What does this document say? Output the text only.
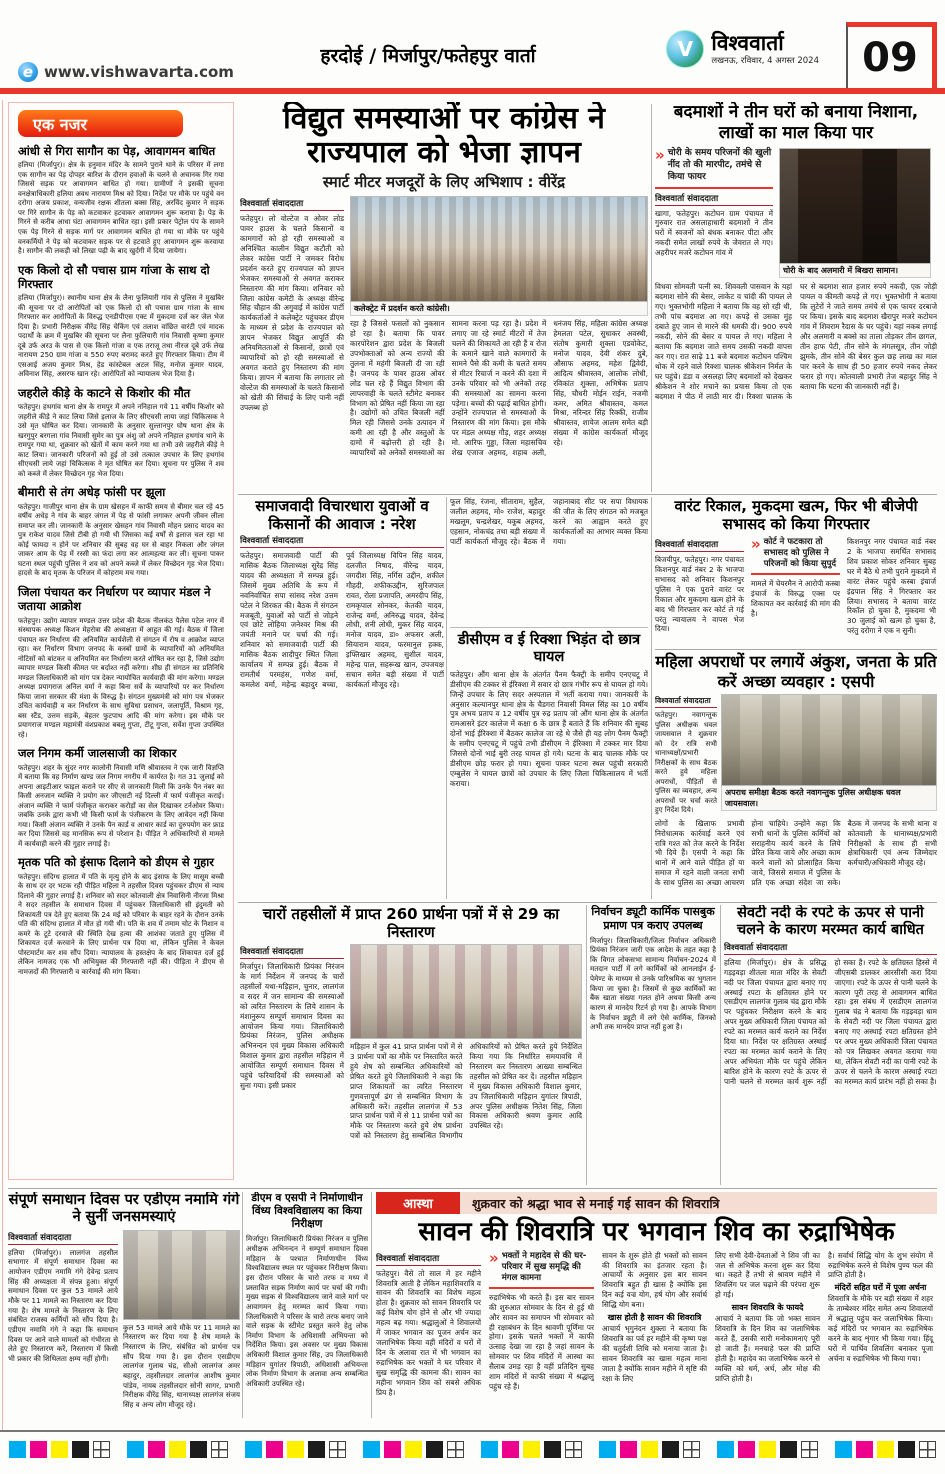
e www.vishwavarta.com
हरदोई / मिर्जापुर/फतेहपुर वार्ता	V विश्ववार्ता
लखनऊ, रविवार, 4 अगस्त 2024	09
एक नजर
आंधी से गिरा सागौन का पेड़, आवागमन बाधित
हलिया (मिर्जापुर)। क्षेत्र के हनुमान मंदिर के सामने पुराने थाने के परिसर में लगा एक सागौन का पेड़ दोपहर बारिश के दौरान हवाओं के चलने से अचानक गिर गया जिससे सड़क पर आवागमन बाधित हो गया। ग्रामीणों ने इसकी सूचना वनक्षेत्राधिकारी हलिया अवध नारायण मिश्र को दिया। निर्देश पर मौके पर पहुंचे वन दरोगा अजय प्रकाश, वन्यजीव रक्षक शीतला बक्स सिंह, अरविंद कुमार ने सड़क पर गिरे सागौन के पेड़ को कटवाकर हटवाकर आवागमन शुरू कराया है। पेड़ के गिरने से करीब आधा घंटा आवागमन बाधित रहा। इसी प्रकार पेट्रोल पंप के सामने एक पेड़ गिरने से सड़क मार्ग पर आवागमन बाधित हो गया था मौके पर पहुंचे वनकर्मियों ने पेड़ को कटवाकर सड़क पर से हटवाते हुए आवागमन शुरू करवाया है। सागौन की लकड़ी को लिखा पढ़ी के बाद खुर्दगी में दिया जायेगा।
एक किलो दो सौ पचास ग्राम गांजा के साथ दो गिरफ्तार
हलिया (मिर्जापुर)। स्थानीय थाना क्षेत्र के लैना फुलियारी गांव से पुलिस ने मुखबिर की सूचना पर दो आरोपितों को एक किलो दो सौ पचास ग्राम गांजा के साथ गिरफ्तार कर आरोपितों के विरुद्ध एनडीपीएस एक्ट में मुकदमा दर्ज कर जेल भेज दिया है। प्रभारी निरीक्षक वीरेंद्र सिंह चेकिंग एवं तलाश वांछित वारंटी एवं मादक पदार्थों के क्रम में मुखबिर की सूचना पर लैना फुलियारी गांव निवासी कृष्णा कुमार दूबे उर्फ अरउ के पास से एक किलो गांजा व एक तराजू तथा नीरज दूबे उर्फ लेख नारायण 250 ग्राम गांजा व 550 रुपए बरामद करते हुए गिरफ्तार किया। टीम में एसआई अजय कुमार मिश्र, हेड कांस्टेबल अटल सिंह, मनोज कुमार यादव, अविनाश सिंह, असरफ खान रहे। आरोपितों को न्यायालय भेज दिया है।
जहरीले कीड़े के काटने से किशोर की मौत
फतेहपुर। हथगांव थाना क्षेत्र के रामपुर में अपने ननिहाल गये 11 वर्षीय किशोर को जहरीले कीड़े ने काट लिया जिसे इलाज के लिए सीएचसी लाया जहां चिकित्सक ने उसे मृत घोषित कर दिया। जानकारी के अनुसार सुल्तानपुर घोष थाना क्षेत्र के खरगुपुर बरगला गांव निवासी सुमेर का पुत्र अंशु जो अपने ननिहाल हथगांव थाने के रामपुर गया था, शुक्रवार को खेतों में काम करने गया था तभी उसे जहरीले कीड़े ने काट लिया। जानकारी परिजनों को हुई तो उसे तत्काल उपचार के लिए हथगांव सीएचसी लाये जहां चिकित्सक ने मृत घोषित कर दिया। सूचना पर पुलिस ने शव को कब्जे में लेकर विच्छेदन गृह भेज दिया।
बीमारी से तंग अधेड़ फांसी पर झूला
फतेहपुर। गाजीपुर थाना क्षेत्र के ग्राम खेसहन में काफी समय से बीमार चल रहे 45 वर्षीय अधेड़ ने गांव के बाहर जंगल में पेड़ से फांसी लगाकर अपनी जीवन लीला समाप्त कर ली। जानकारी के अनुसार खेसहन गांव निवासी मोहन प्रसाद यादव का पुत्र राकेश यादव जिसे टीबी हो गयी थी जिसका कई वर्षों से इलाज चल रहा था कोई फायदा न होने पर शनिवार की सुबह वह घर से बाहर निकला और जंगल जाकर आम के पेड़ में रस्सी का फंदा लगा कर आत्महत्या कर ली। सूचना पाकर घटना स्थल पहुंची पुलिस ने शव को अपने कब्जे में लेकर विच्छेदन गृह भेज दिया। हादसे के बाद मृतक के परिजन में कोहराम मच गया।
जिला पंचायत कर निर्धारण पर व्यापार मंडल ने जताया आक्रोश
फतेहपुर। उद्योग व्यापार मण्डल उत्तर प्रदेश की बैठक नीलकंठ पैलेस पटेल नगर में संस्थापक अध्यक्ष किशन मेहरोत्रा की अध्यक्षता में आहूत की गई। बैठक में जिला पंचायत कर निर्धारण की अनियमित कार्यशैली से संगठन में रोष व आक्रोश व्याप्त रहा। कर निर्धारण विभाग जनपद के कस्बों ग्रामों के व्यापारियों को अनियमित नोटिसों को बांटकर व अनियमित कर निर्धारण करते शोषित कर रहा है, जिसे उद्योग व्यापार मण्डल किसी कीमत पर बर्दाश्त नहीं करेगा। शीघ्र ही संगठन का प्रतिनिधि मण्डल जिलाधिकारी को मांग पत्र देकर न्यायोचित कार्यवाही की मांग करेगा। मण्डल अध्यक्ष प्रयागराज अनिल वर्मा ने कहा बिना सर्वे के व्यापारियों पर कर निर्धारण किया जाना सरकार की मंशा के विरुद्ध है। संगठन मुख्यमंत्री को मांग पत्र भेजकर उचित कार्यवाही व कर निर्धारण के साथ सुविधा प्रसाधन, जलापूर्ति, विश्राम गृह, बस स्टैंड, उत्तम सड़कें, बेहतर फुटपाथ आदि की मांग करेगा। इस मौके पर प्रयागराज मण्डल महामंत्री वंशप्रकाश बबलू गुप्ता, टीटू गुप्ता, सर्वेश गुप्ता उपस्थित रहे।
जल निगम कर्मी जालसाजी का शिकार
फतेहपुर। शहर के सुंदर नगर कालोनी निवासी मणि श्रीवास्तव ने एक जारी विज्ञप्ति में बताया कि वह निर्माण खण्ड जल निगम नगरीय में कार्यरत है। गत 31 जुलाई को अपना आइटीआर फाइल कराने पर सीए से जानकारी मिली कि उनके पैन नंबर का किसी अनजान व्यक्ति ने प्रयोग कर जीएसटी नई दिल्ली में फार्म पंजीकृत कराई। अंजान व्यक्ति ने फार्म पंजीकृत कराकर करोड़ों का सेल दिखाकर टर्नओवर किया। जबकि उनके द्वारा कभी भी किसी फार्म के पंजीकरण के लिए आवेदन नहीं किया गया। किसी अंजान व्यक्ति ने उनके पैन कार्ड व आधार कार्ड का दुरुपयोग कर फ्राड कर दिया जिससे वह मानसिक रूप से परेशान है। पीड़ित ने अधिकारियों से मामले में कार्यवाही करने की गुहार लगाई है।
मृतक पति को इंसाफ दिलाने को डीएम से गुहार
फतेहपुर। संदिग्ध हालात में पति के मृत्यु होने के बाद इंसाफ के लिए मासूम बच्ची के साथ दर दर भटक रही पीड़ित महिला ने तहसील दिवस पहुंचकर डीएम से न्याय दिलाने की गुहार लगाई है। शनिवार को सदर कोतवाली क्षेत्र निवासिनी नीरजा मिश्रा ने सदर तहसील के समाधान दिवस में पहुंचकर जिलाधिकारी सी इंदुमती को शिकायती पत्र देते हुए बताया कि 24 मई को परिवार के बाहर रहने के दौरान उनके पति की संदिग्ध हालात में मौत हो गयी थी। पति के शव में तमाम चोट के निशान व कमरे के टूटे दरवाजे की स्थिति देख हत्या की आशंका जताते हुए पुलिस में शिकायत दर्ज करवाने के लिए प्रार्थना पत्र दिया था, लेकिन पुलिस ने केवल पोस्टमार्टम कर शव सौंप दिया। न्यायालय के हस्तक्षेप के बाद शिकायत दर्ज हुई लेकिन नामजद एक भी अभियुक्त की गिरफ्तारी नहीं की। पीड़िता ने डीएम से नामजदों की गिरफ्तारी व कार्रवाई की मांग किया।
विद्युत समस्याओं पर कांग्रेस ने राज्यपाल को भेजा ज्ञापन
स्मार्ट मीटर मजदूरों के लिए अभिशाप : वीरेंद्र
विश्ववार्ता संवाददाता
फतेहपुर। लो वोल्टेज व ओवर लोड पावर हाउस के चलते किसानों व कामगारों को हो रही समस्याओं व अनिश्चित कालीन विद्युत कटौती को लेकर कांग्रेस पार्टी ने जमकर विरोध प्रदर्शन करते हुए राज्यपाल को ज्ञापन भेजकर समस्याओं से अवगत कराकर निस्तारण की मांग किया। शनिवार को जिला कांग्रेस कमेटी के अध्यक्ष वीरेन्द्र सिंह चौहान की अगुवाई में कांग्रेस पार्टी कार्यकर्ताओं ने कलेक्ट्रेट पहुंचकर डीएम के माध्यम से प्रदेश के राज्यपाल को ज्ञापन भेजकर विद्युत आपूर्ति की अनियमितताओं से किसानों, छात्रों एवं व्यापारियों को हो रही समस्याओं से अवगत कराते हुए निस्तारण की मांग किया। ज्ञापन में बताया कि लगातार लो वोल्टेज की समस्याओं के चलते किसानों को खेती की सिंचाई के लिए पानी नहीं उपलब्ध हो
कलेक्ट्रेट में प्रदर्शन करते कांग्रेसी।
रहा है जिससे फसलों को नुकसान हो रहा है। बताया कि पावर कारपोरेशन द्वारा प्रदेश के बिजली उपभोक्ताओं को अन्य राज्यों की तुलना में महंगी बिजली दी जा रही है। जनपद के पावर हाउस ओवर लोड चल रहे हैं विद्युत विभाग की लापरवाही के चलते स्टीमेट बनाकर विभाग को प्रेषित नहीं किया जा रहा है। उद्योगों को उचित बिजली नहीं मिल रही जिससे उनके उत्पादन में कमी आ रही है और वस्तुओं के दामों में बढ़ोत्तरी हो रही है। व्यापारियों को अनेकों समस्याओं का सामना करना पड़ रहा है। प्रदेश में लगाए जा रहे स्मार्ट मीटरों में तेज चलने की शिकायतें आ रही हैं व रोज के कमाने खाने वाले कामगारों के सामने पैसे की कमी के चलते समय से मीटर रिचार्ज न करने की दशा में उनके परिवार को भी अनेकों तरह की समस्याओं का सामना करना पड़ेगा। बच्चों की पढ़ाई बाधित होगी। उन्होंने राज्यपाल से समस्याओं के निस्तारण की मांग किया। इस मौके पर मंडल अध्यक्ष गौड़, शहर अध्यक्ष मो. आरिफ गुड्डा, जिला महासचिव शेख एजाज अहमद, शहाब अली, धनंजय सिंह, महिला कांग्रेस अध्यक्ष हेमलता पटेल, सुधाकर अवस्थी, संतोष कुमारी शुक्ला एडवोकेट, मनोज यादव, देवी शंकर दुबे, औसाफ अहमद, महेश द्विवेदी, आदित्य श्रीवास्तव, आलोक लोधी, रविकांत शुक्ला, अभिषेक प्रताप सिंह, चौधरी मोईन राईन, नजमी कमर, अमित श्रीवास्तव, कमल मिश्रा, नरिन्दर सिंह रिक्की, राजीव श्रीवास्तव, शायेज आलम समेत बड़ी संख्या में कांग्रेस कार्यकर्ता मौजूद रहे।
बदमाशों ने तीन घरों को बनाया निशाना, लाखों का माल किया पार
» चोरी के समय परिजनों की खुली नींद तो की मारपीट, तमंचे से किया फायर
विश्ववार्ता संवाददाता
खागा, फतेहपुर। कटोघन ग्राम पंचायत में गुरुवार रात असलाहाधारी बदमाशों ने तीन घरों में स्वजनों को बंधक बनाकर पीटा और नकदी समेत लाखों रुपये के जेवरात ले गए। अहरीपर मजरे कटोघन गांव में
चोरी के बाद अलमारी में बिखरा सामान।
विधवा सोमवती पत्नी स्व. शिववली पासवान के यहां बदमाश सोने की बेसर, लाकेट व चांदी की पायल ले गए। भुक्तभोगी महिला ने बताया कि वह सो रही थी, तभी पांच बदमाश आ गए। कपड़े से उसका मुंह दबाते हुए जान से मारने की धमकी दी। 900 रुपये नकदी, सोने की बेसर व पायल ले गए। महिला ने बताया कि बदमाश जाते समय उसकी नकदी वापस कर गए। रात साढ़े 11 बजे बदमाश कटोघन पश्चिम थोक में रहने वाले रिक्शा चालक श्रीकेशन निर्मल के घर पहुंचे। डंडा व असलहा लिए बदमाशों को देखकर श्रीकेशन ने शोर मचाने का प्रयास किया तो एक बदमाश ने पीठ में लाठी मार दी। रिक्शा चालक के घर से बदमाश सात हजार रुपये नकदी, एक जोड़ी पायल व कीमती कपड़े ले गए। भुक्तभोगी ने बताया कि लुटेरों ने जाते समय तमंचे से एक फायर दरबाजे पर किया। इसके बाद बदमाश खैरापुर मजरे कटोघन गांव में शिवराम रैदास के घर पहुंचे। यहां नकब लगाई और अलमारी व बक्से का ताला तोड़कर तीन छागल, तीन हाफ पेटी, तीन सोने के मंगलसूत्र, तीन जोड़ी झुमके, तीन सोने की बेसर कुल छह लाख का माल पार करने के साथ ही 50 हजार रुपये नकद लेकर फरार हो गए। कोतवाली प्रभारी तेज बहादुर सिंह ने बताया कि घटना की जानकारी नहीं है।
समाजवादी विचारधारा युवाओं व किसानों की आवाज : नरेश
विश्ववार्ता संवाददाता
फतेहपुर। समाजवादी पार्टी की मासिक बैठक जिलाध्यक्ष सुरेंद्र सिंह यादव की अध्यक्षता में सम्पन्न हुई। जिसमें मुख्य अतिथि के रूप में नवनिर्वाचित सपा सांसद नरेश उत्तम पटेल ने शिरकत की। बैठक में संगठन मजबूती, युवाओं को पार्टी से जोड़ने एवं छोटे लोहिया जनेश्वर मिश्र की जयंती मनाने पर चर्चा की गई। शनिवार को समाजवादी पार्टी की मासिक बैठक शादीपुर स्थित जिला कार्यालय में सम्पन्न हुई। बैठक में रामतीर्थ परमहंस, गणेश वर्मा, कमलेश वर्मा, महेन्द्र बहादुर बच्चा, पूर्व जिलाध्यक्ष विपिन सिंह यादव, दलजीत निषाद, वीरेन्द्र यादव, जगदीश सिंह, नर्गिस उद्दीन, शकील गौहदी, शफीकउद्दीन, सुरिजपाल रावत, रोला प्रजापति, अमरदीप सिंह, रामकृपाल सोनकर, केतकी यादव, राजेन्द्र वर्मा, अनिरुद्ध यादव, देवेन्द्र लोधी, शनी लोधी, मुकर सिंह यादव, मनोज यादव, डा० अफसर अली, सियाराम यादव, फरमानुल हक्क, इफ्तिखार अहमद, सुशील यादव, महेन्द्र पाल, सहरूख खान, उपजयक्ष सचान समेत बड़ी संख्या में पार्टी कार्यकर्ता मौजूद रहे।
फूल सिंह, रंजना, सीताराम, सुहैल, जलील अहमद, मो० राजेश, बहादुर मखलूम, चन्द्रशेखर, यकूब अहमद, एहसान, नोकचंद्र तथा बड़ी संख्या में पार्टी कार्यकर्ता मौजूद रहे। बैठक में जहानाबाद सीट पर सपा विधायक की जीत के लिए संगठन को मजबूत करने का आह्वान करते हुए कार्यकर्ताओं का आभार व्यक्त किया गया।
डीसीएम व ई रिक्शा भिड़ंत दो छात्र घायल
फतेहपुर। औंग थाना क्षेत्र के अंतर्गत पैनम फैक्ट्री के समीप एनएचटू में डीसीएम की टक्कर से ईरिक्शा में सवार दो छात्र गंभीर रूप से घायल हो गये। जिन्हें उपचार के लिए सदर अस्पताल में भर्ती कराया गया। जानकारी के अनुसार कल्यानपुर थाना क्षेत्र के चैडगरा निवासी विमल सिंह का 10 वर्षीय पुत्र अभय प्रताप व 12 वर्षीय पुत्र रुद्र प्रताप जो औंग थाना क्षेत्र के अंतर्गत रामआसरे इंटर कालेज में कक्षा 6 के छात्र हैं बताते हैं कि शनिवार की सुबह दोनों भाई ईरिक्शा में बैठकर कालेज जा रहे थे जैसे ही यह लोग पैनम फैक्ट्री के समीप एनएचटू में पहुंचे तभी डीसीएम ने ईरिक्शा में टक्कर मार दिया जिससे दोनों भाई बुरी तरह घायल हो गये। घटना के बाद चालक मौके पर डीसीएम छोड़ फरार हो गया। सूचना पाकर घटना स्थल पहुंची सरकारी एम्बुलेंस ने घायल छात्रों को उपचार के लिए जिला चिकित्सालय में भर्ती कराया।
वारंट रिकाल, मुकदमा खत्म, फिर भी बीजेपी सभासद को किया गिरफ्तार
विश्ववार्ता संवाददाता
बिजयीपुर, फतेहपुर। नगर पंचायत किशनपुर वार्ड नंबर 2 के भाजपा सभासद को शनिवार किशनपुर पुलिस ने एक पुराने वारंट पर रिकाल और मुकदमा खत्म होने के बाद भी गिरफ्तार कर कोर्ट ले गई परंतु न्यायालय ने वापस भेज दिया।
» कोर्ट ने फटकारा तो सभासद को पुलिस ने परिजनों को किया सुपुर्द
मामले में चेयरमैन ने आरोपी कस्बा इंचार्ज के विरुद्ध एक्स पर शिकायत कर कार्रवाई की मांग की है।
किशनपुर नगर पंचायत वार्ड नंबर 2 के भाजपा समर्थित सभासद शिव प्रकाश सोकर शनिवार सुबह घर में बैठे थे तभी पुराने मुकदमे में वारंट लेकर पहुंचे कस्बा इंचार्ज इंद्रपाल सिंह ने गिरफ्तार कर लिया। सभासद ने बताया वारंट रिकॉल हो चुका है, मुकदमा भी 30 जुलाई को खत्म हो चुका है, परंतु दरोगा ने एक न सुनी।
महिला अपराधों पर लगायें अंकुश, जनता के प्रति करें अच्छा व्यवहार : एसपी
विश्ववार्ता संवाददाता
फतेहपुर। नवागन्तुक पुलिस अधीक्षक धवल जायसवाल ने शुक्रवार को देर रात्रि सभी थानाध्यक्षों/प्रभारी निरीक्षकों के साथ बैठक करते हुये महिला अपराधों, पीड़ितों से पुलिस का व्यवहार, अन्य अपराधों पर चर्चा करते हुए निर्देश दिये।
अपराध समीक्षा बैठक करते नवागन्तुक पुलिस अधीक्षक धवल जायसवाल।
लोगों के खिलाफ प्रभावी निरोधात्मक कार्रवाई करने एवं रात्रि गश्त को तेज करने के निर्देश भी दिये हैं। एसपी ने कहा कि थानों में आने वाले पीड़ित हों या समाज में रहने वाली जनता सभी के साथ पुलिस का अच्छा आचरण होना चाहिये। उन्होंने कहा कि सभी थानों के पुलिस कर्मियों को सराहनीय कार्य करने के लिये प्रेरित किया जाये और अच्छा काम करने वालों को प्रोत्साहित किया जाये, जिससे समाज में पुलिस के प्रति एक अच्छा संदेश जा सके। बैठक में जनपद के सभी थाना व कोतवाली के थानाध्यक्ष/प्रभारी निरीक्षकों के साथ ही सभी क्षेत्राधिकारी एवं अन्य जिम्मेदार कर्मचारी/अधिकारी मौजूद रहे।
चारों तहसीलों में प्राप्त 260 प्रार्थना पत्रों में से 29 का निस्तारण
विश्ववार्ता संवाददाता
मिर्जापुर। जिलाधिकारी प्रियंका निरंजन के मार्ग निर्देशन में जनपद के चारों तहसीलों यथा-मड़िहान, चुनार, लालगंज व सदर में जन सामान्य की समस्याओं को त्वरित निस्तारण के लिये शासन के मंशानुरूप सम्पूर्ण समाधान दिवस का आयोजन किया गया। जिलाधिकारी प्रियंका निरंजन, पुलिस अधीक्षक अभिनन्दन एवं मुख्य विकास अधिकारी विशाल कुमार द्वारा तहसील मड़िहान में आयोजित सम्पूर्ण समाधान दिवस में पहुंचे फरियादियों की समस्याओं को सुना गया। इसी प्रकार
मड़िहान में कुल 41 प्राप्त प्रार्थना पत्रों में से 3 प्रार्थना पत्रों का मौके पर निस्तारित करते हुये शेष को सम्बन्धित अधिकारियों को प्रेषित करते हुये जिलाधिकारी ने कहा कि प्राप्त शिकायतों का त्वरित निस्तारण गुणवत्तापूर्ण ढंग से सम्बन्धित विभाग के अधिकारी करें। तहसील लालगंज में 53 प्राप्त प्रार्थना पत्रों में से 11 प्रार्थना पत्रों का मौके पर निस्तारण करते हुये शेष प्रार्थना पत्रों को निस्तारण हेतु सम्बन्धित विभागीय अधिकारियों को प्रेषित करते हुये निर्देशित किया गया कि निर्धारित समयावधि में निस्तारण कर निस्तारण आख्या सम्बन्धित तहसील को प्रेषित कर दें। तहसील मड़िहान में मुख्य विकास अधिकारी विशाल कुमार, उप जिलाधिकारी मड़िहान युगांतर त्रिपाठी, अपर पुलिस अधीक्षक नितेश सिंह, जिला विकास अधिकारी श्रवण कुमार आदि उपस्थित रहे।
निर्वाचन ड्यूटी कार्मिक पासबुक प्रमाण पत्र कराए उपलब्ध
मिर्जापुर। जिलाधिकारी/जिला निर्वाचन अधिकारी प्रियंका निरंजन जारी एक आदेश के तहत कहा है कि विगत लोकसभा सामान्य निर्वाचन-2024 में मतदान पार्टी में लगे कार्मिकों को आनलाईन ई-पेमेण्ट के माध्यम से उनके पारिश्रमिक का भुगतान किया जा चुका है। जिसमें से कुछ कार्मिकों का बैंक खाता संख्या गलत होने अथवा किसी अन्य कारण से मानदेय रिटर्न हो गया है। आपके विभाग के निर्वाचन ड्यूटी में लगे ऐसे कार्मिक, जिनको अभी तक मानदेय प्राप्त नहीं हुआ है।
सेवटी नदी के रपटे के ऊपर से पानी चलने के कारण मरम्मत कार्य बाधित
विश्ववार्ता संवाददाता
हलिया (मिर्जापुर)। क्षेत्र के प्रसिद्ध गड़इवड़ा शीतला माता मंदिर के सेवटी नदी पर जिला पंचायत द्वारा बनाए गए अस्थाई रपटा के क्षतिग्रस्त होने पर एसडीएम लालगंज गुलाब चंद्र द्वारा मौके पर पहुंचकर निरीक्षण करने के बाद अपर मुख्य अधिकारी जिला पंचायत को रपटे का मरम्मत कार्य कराने का निर्देश दिया था। निर्देश पर क्षतिग्रस्त अस्थाई रपटा का मरम्मत कार्य कराने के लिए अपर अभियंता मौके पर पहुंचे लेकिन बारिश होने के कारण रपटे के ऊपर से पानी चलने से मरम्मत कार्य शुरू नहीं हो सका है। रपटे के क्षतिग्रस्त हिस्से में जीएसबी डालकर आरसीसी करा दिया जाएगा। रपटे के ऊपर से पानी चलने के कारण पूरी तरह से आवागमन बाधित रहा। इस संबंध में एसडीएम लालगंज गुलाब चंद्र ने बताया कि गड़इवड़ा धाम के सेवटी नदी पर जिला पंचायत द्वारा बनाए गए अस्थाई रपटा क्षतिग्रस्त होने पर अपर मुख्य अधिकारी जिला पंचायत को पत्र लिखकर अवगत कराया गया था, लेकिन सेवटी नदी का पानी रपटे के ऊपर से चलने के कारण अस्थाई रपटा का मरम्मत कार्य प्रारंभ नहीं हो सका है।
संपूर्ण समाधान दिवस पर एडीएम नमामि गंगे ने सुनीं जनसमस्याएं
विश्ववार्ता संवाददाता
हलिया (मिर्जापुर)। लालगंज तहसील सभागार में संपूर्ण समाधान दिवस का आयोजन एडीएम नमामि गंगे देवेन्द्र प्रताप सिंह की अध्यक्षता में संपन्न हुआ। संपूर्ण समाधान दिवस पर कुल 53 मामले आये मौके पर 11 मामले का निस्तारण कर दिया गया है। शेष मामले के निस्तारण के लिए संबंधित राजस्व कर्मियों को सौंप दिया है। एडीएम नमामि गंगे ने कहा कि समाधान दिवस पर आने वाले मामलों को गंभीरता से लेते हुए निस्तारण करें, निस्तारण में किसी भी प्रकार की शिथिलता क्षम्य नहीं होगी।
कुल 53 मामले आये मौके पर 11 मामले का निस्तारण कर दिया गया है शेष मामले के निस्तारण के लिए, संबंधित को प्रार्थना पत्र सौंप दिया गया है। इस दौरान एसडीएम लालगंज गुलाब चंद्र, सीओ लालगंज अमर बहादुर, तहसीलदार लालगंज आशीष कुमार पांडेय, नायब तहसीलदार सोनी सागर, प्रभारी निरीक्षक वीरेंद्र सिंह, थानाध्यक्ष लालगंज संजय सिंह व अन्य लोग मौजूद रहे।
डीएम व एसपी ने निर्माणाधीन विंध्य विश्वविद्यालय का किया निरीक्षण
मिर्जापुर। जिलाधिकारी प्रियंका निरंजन व पुलिस अधीक्षक अभिनन्दन ने सम्पूर्ण समाधान दिवस मड़िहान के पश्चात निर्माणाधीन विंध्य विश्वविद्यालय स्थल पर पहुंचकर निरीक्षण किया। इस दौरान परिसर के चारो तरफ व मध्य में प्रस्तावित सड़क निर्माण कार्य पर चर्चा की गयी। मुख्य सड़क से विश्वविद्यालय जाने वाले मार्ग पर आवागमन हेतु मरम्मत कार्य किया गया। जिलाधिकारी ने परिसर के चारो तरफ बनाए जाने वाले सड़क के स्टीमेट प्रस्तुत करने हेतु लोक निर्माण विभाग के अधिशासी अभियन्ता को निर्देशित किया। इस अवसर पर मुख्य विकास अधिकारी विशाल कुमार सिंह, उप जिलाधिकारी मड़िहान युगांतर त्रिपाठी, अधिशासी अभियन्ता लोक निर्माण विभाग के अलावा अन्य सम्बन्धित अधिकारी उपस्थित रहे।
आस्था	शुक्रवार को श्रद्धा भाव से मनाई गई सावन की शिवरात्रि
सावन की शिवरात्रि पर भगवान शिव का रुद्राभिषेक
विश्ववार्ता संवाददाता
फतेहपुर। वैसे तो साल में हर महीने शिवरात्रि आती है लेकिन महाशिवरात्रि व सावन की शिवरात्रि का विशेष महत्व होता है। शुक्रवार को सावन शिवरात्रि पर कई विशेष योग होने से और भी ज्यादा महत्व बढ़ गया। श्रद्धालुओं ने शिवालयों में जाकर भगवान का पूजन अर्चन कर जलाभिषेक किया वहीं मंदिरों व घरों में दिन के अलावा रात में भी भगवान का रुद्राभिषेक कर भक्तों ने घर परिवार में सुख समृद्धि की कामना की। सावन का महीना भगवान शिव को सबसे अधिक प्रिय है।
» भक्तों ने महादेव से की घर-परिवार में सुख समृद्धि की मंगल कामना
रुद्राभिषेक भी करते हैं। इस बार सावन की शुरुआत सोमवार के दिन से हुई थी और सावन का समापन भी सोमवार को ही रक्षाबंधन के दिन श्रावणी पूर्णिमा पर होगा। इसके चलते भक्तों में काफी उत्साह देखा जा रहा है जहां सावन के सोमवार पर शिव मंदिरों में आस्था का सैलाब उमड़ रहा है वहीं प्रतिदिन सुबह शाम मंदिरों में काफी संख्या में श्रद्धालु पहुंच रहे हैं।
सावन के शुरू होते ही भक्तों को सावन की शिवरात्रि का इंतजार रहता है। आचार्यों के अनुसार इस बार सावन शिवरात्रि बहुत ही खास है क्योंकि इस दिन कई वज्र योग, हर्ष योग और सर्वार्थ सिद्धि योग बना।
खास होती है सावन की शिवरात्रि
आचार्य भृगुनंदन शुक्ला ने बताया कि शिवरात्रि का पर्व हर महीने की कृष्ण पक्ष की चतुर्दशी तिथि को मनाया जाता है। सावन शिवरात्रि का खास महत्व माना जाता है क्योंकि सावन महीने में सृष्टि की रक्षा के लिए
लिए सभी देवी-देवताओं ने शिव जी का जल से अभिषेक करना शुरू कर दिया था। कहते हैं तभी से श्रावण महीने में शिवलिंग पर जल चढ़ाने की परंपरा शुरू हो गई।
सावन शिवरात्रि के फायदे
आचार्य ने बताया कि जो भक्त सावन शिवरात्रि के दिन शिव का जलाभिषेक करते हैं, उसकी सारी मनोकामनाएं पूरी हो जाती हैं। मनचाहे फल की प्राप्ति होती है। महादेव का जलाभिषेक करने से व्यक्ति को धर्म, अर्थ, और मोक्ष की प्राप्ति होती है।
है। सर्वार्थ सिद्धि योग के शुभ संयोग में रुद्राभिषेक करने से विशेष पुण्य फल की प्राप्ति होती है।
मंदिरों सहित घरों में पूजा अर्चना
शिवरात्रि के मौके पर बड़ी संख्या में शहर के ताम्बेश्वर मंदिर समेत अन्य शिवालयों में श्रद्धालु पहुंच कर जलाभिषेक किया। कई मंदिरों पर भगवान का रुद्राभिषेक करने के बाद शृंगार भी किया गया। हिंदू घरों में पार्थिव शिवलिंग बनाकर पूजा अर्चना व रुद्राभिषेक भी किया गया।
